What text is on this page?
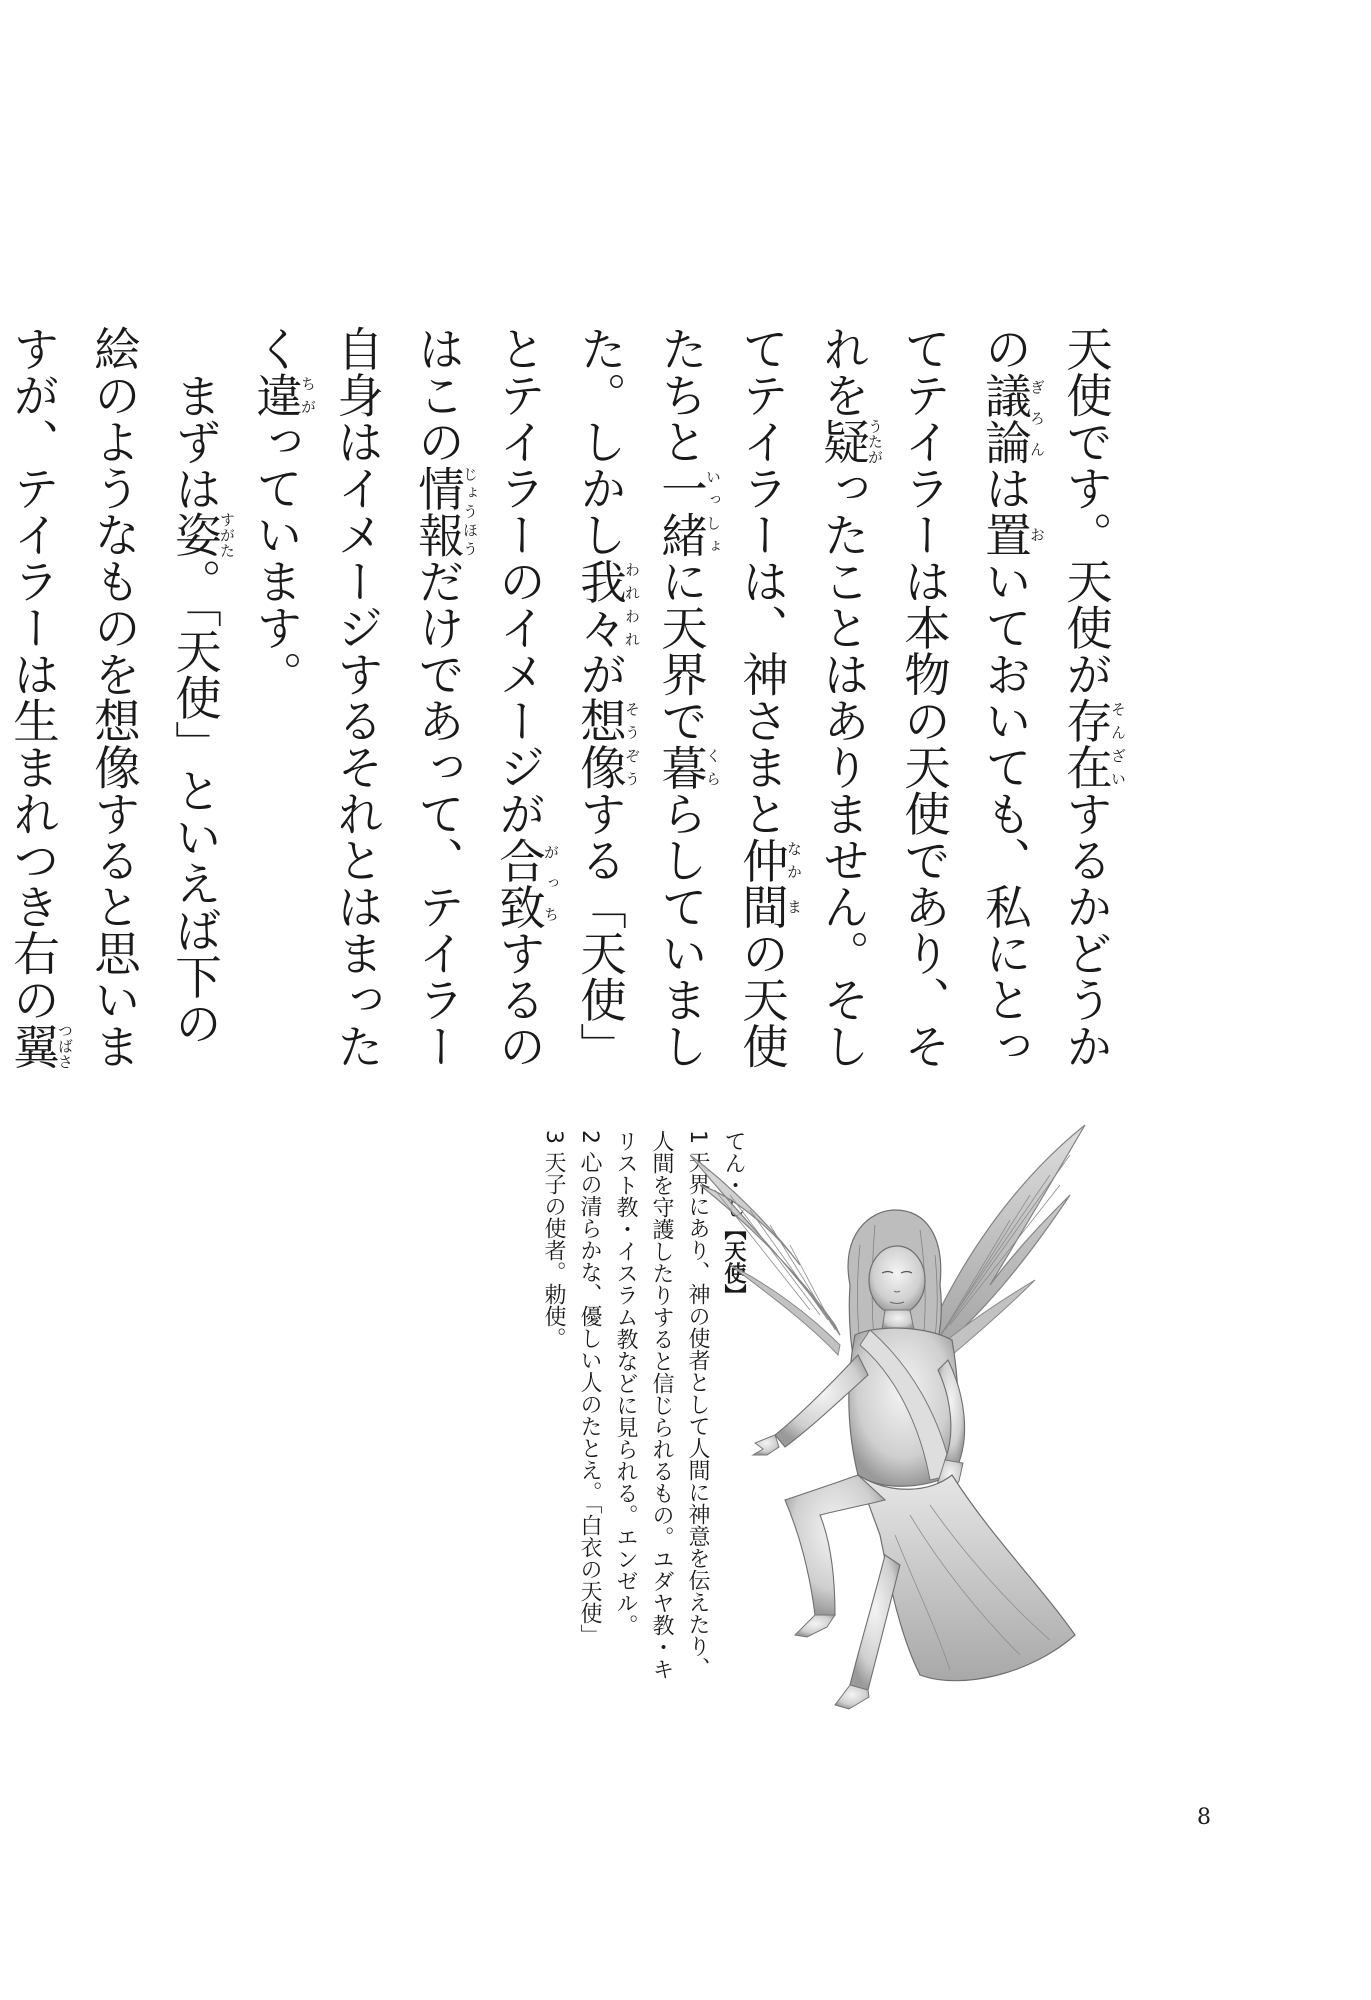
天使です。天使が存在そんざいするかどうかの議論ぎろんは置おいておいても、私にとってテイラーは本物の天使であり、それを疑うたがったことはありません。そしてテイラーは、神さまと仲なか間まの天使たちと一緒いっしょに天界で暮くららしていました。しかし我々われわれが想像そうぞうする「天使」とテイラーのイメージが合致がっちするのはこの情報じょうほうだけであって、テイラー自身はイメージするそれとはまったく違ちがっています。

まずは姿すがた。「天使」といえば下の絵のようなものを想像すると思いますが、テイラーは生まれつき右の翼つばさ

てん・し【天使】
1 天界にあり、神の使者として人間に神意を伝えたり、人間を守護したりすると信じられるもの。ユダヤ教・キリスト教・イスラム教などに見られる。エンゼル。
2 心の清らかな、優しい人のたとえ。「白衣の天使」
3 天子の使者。勅使。
8
